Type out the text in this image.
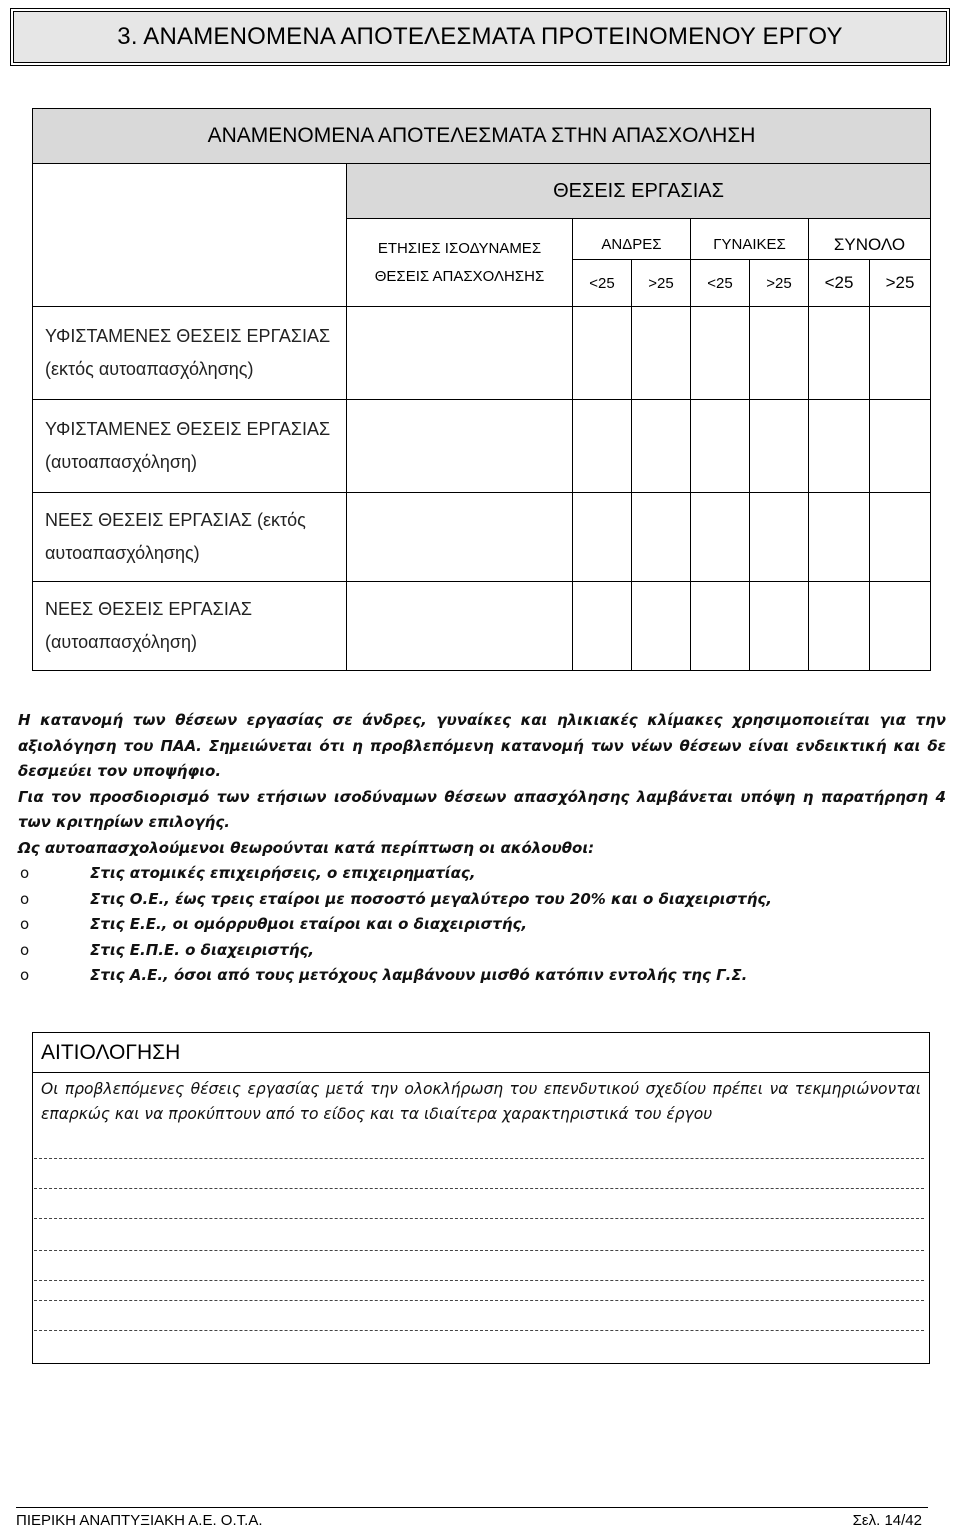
3. ΑΝΑΜΕΝΟΜΕΝΑ ΑΠΟΤΕΛΕΣΜΑΤΑ ΠΡΟΤΕΙΝΟΜΕΝΟΥ ΕΡΓΟΥ
ΑΝΑΜΕΝΟΜΕΝΑ ΑΠΟΤΕΛΕΣΜΑΤΑ ΣΤΗΝ ΑΠΑΣΧΟΛΗΣΗ							
	ΘΕΣΕΙΣ ΕΡΓΑΣΙΑΣ						

	ΕΤΗΣΙΕΣ ΙΣΟΔΥΝΑΜΕΣ
ΘΕΣΕΙΣ ΑΠΑΣΧΟΛΗΣΗΣ	ΑΝΔΡΕΣ		ΓΥΝΑΙΚΕΣ		ΣΥΝΟΛΟ	
		<25	>25	<25	>25	<25	>25

ΥΦΙΣΤΑΜΕΝΕΣ ΘΕΣΕΙΣ ΕΡΓΑΣΙΑΣ
(εκτός αυτοαπασχόλησης)							

ΥΦΙΣΤΑΜΕΝΕΣ ΘΕΣΕΙΣ ΕΡΓΑΣΙΑΣ
(αυτοαπασχόληση)							

ΝΕΕΣ ΘΕΣΕΙΣ ΕΡΓΑΣΙΑΣ (εκτός
αυτοαπασχόλησης)							

ΝΕΕΣ ΘΕΣΕΙΣ ΕΡΓΑΣΙΑΣ
(αυτοαπασχόληση)							

Η κατανομή των θέσεων εργασίας σε άνδρες, γυναίκες και ηλικιακές κλίμακες χρησιμοποιείται για την αξιολόγηση του ΠΑΑ. Σημειώνεται ότι η προβλεπόμενη κατανομή των νέων θέσεων είναι ενδεικτική και δε δεσμεύει τον υποψήφιο.

Για τον προσδιορισμό των ετήσιων ισοδύναμων θέσεων απασχόλησης λαμβάνεται υπόψη η παρατήρηση 4 των κριτηρίων επιλογής.

Ως αυτοαπασχολούμενοι θεωρούνται κατά περίπτωση οι ακόλουθοι:

o	Στις ατομικές επιχειρήσεις, ο επιχειρηματίας,
o	Στις Ο.Ε., έως τρεις εταίροι με ποσοστό μεγαλύτερο του 20% και ο διαχειριστής,
o	Στις Ε.Ε., οι ομόρρυθμοι εταίροι και ο διαχειριστής,
o	Στις Ε.Π.Ε. ο διαχειριστής,
o	Στις Α.Ε., όσοι από τους μετόχους λαμβάνουν μισθό κατόπιν εντολής της Γ.Σ.
ΑΙΤΙΟΛΟΓΗΣΗ
Οι προβλεπόμενες θέσεις εργασίας μετά την ολοκλήρωση του επενδυτικού σχεδίου πρέπει να τεκμηριώνονται επαρκώς και να προκύπτουν από το είδος και τα ιδιαίτερα χαρακτηριστικά του έργου
ΠΙΕΡΙΚΗ ΑΝΑΠΤΥΞΙΑΚΗ Α.Ε. Ο.Τ.Α.	Σελ. 14/42
